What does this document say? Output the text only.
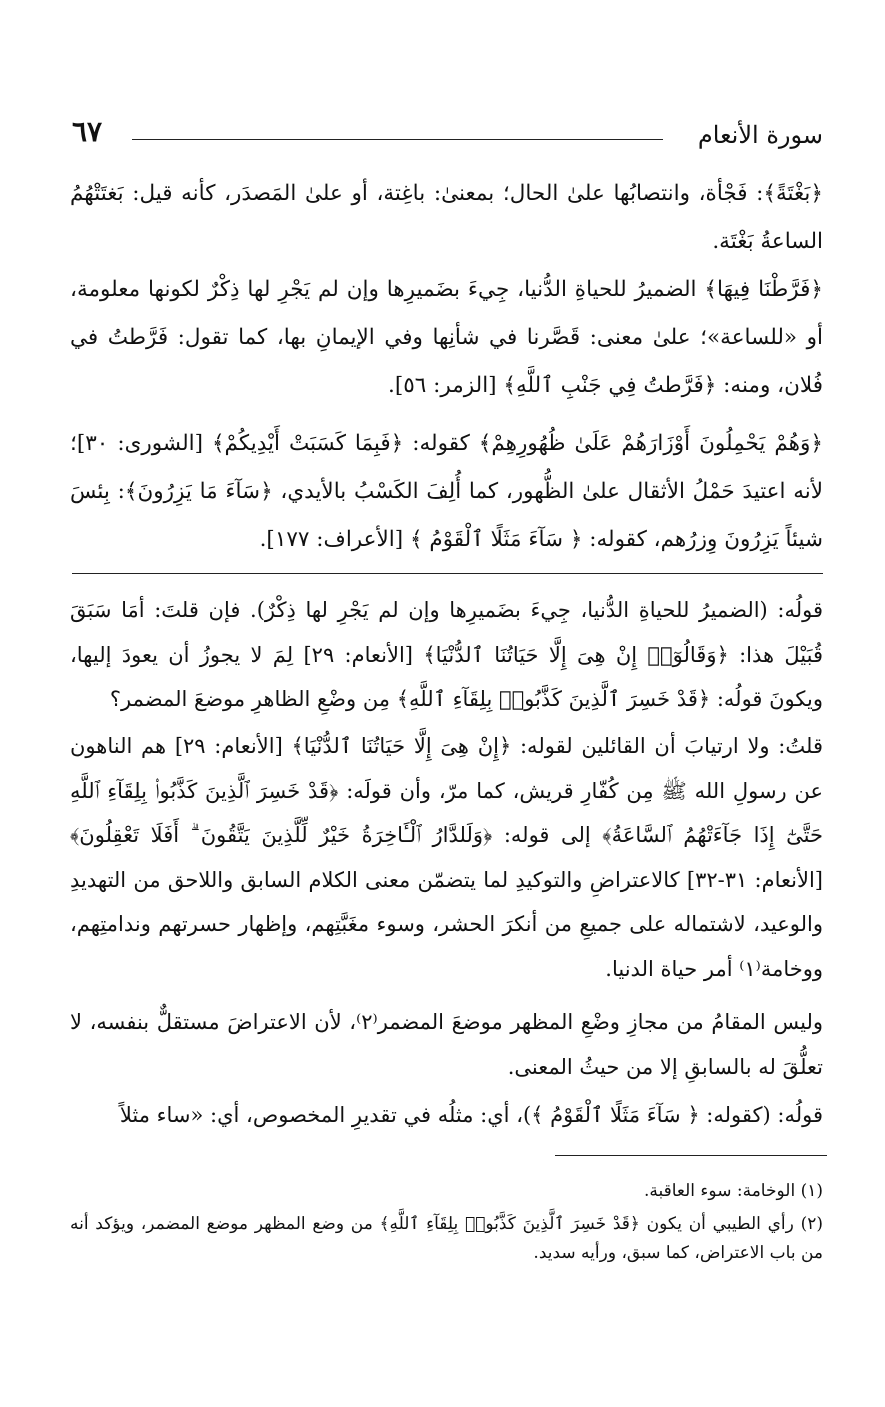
سورة الأنعام
٦٧

﴿بَغْتَةً﴾: فَجْأة، وانتصابُها علىٰ الحال؛ بمعنىٰ: باغِتة، أو علىٰ المَصدَر، كأنه قيل: بَغتَتْهُمُ الساعةُ بَغْتَة.

﴿فَرَّطْنَا فِيهَا﴾ الضميرُ للحياةِ الدُّنيا، جِيءَ بضَميرِها وإن لم يَجْرِ لها ذِكْرٌ لكونها معلومة، أو «للساعة»؛ علىٰ معنى: قَصَّرنا في شأنِها وفي الإيمانِ بها، كما تقول: فَرَّطتُ في فُلان، ومنه: ﴿فَرَّطتُ فِي جَنْبِ ٱللَّهِ﴾ [الزمر: ٥٦].

﴿وَهُمْ يَحْمِلُونَ أَوْزَارَهُمْ عَلَىٰ ظُهُورِهِمْ﴾ كقوله: ﴿فَبِمَا كَسَبَتْ أَيْدِيكُمْ﴾ [الشورى: ٣٠]؛ لأنه اعتيدَ حَمْلُ الأثقال علىٰ الظُّهور، كما أُلِفَ الكَسْبُ بالأيدي، ﴿سَآءَ مَا يَزِرُونَ﴾: بِئسَ شيئاً يَزِرُونَ وِزرُهم، كقوله: ﴿ سَآءَ مَثَلًا ٱلْقَوْمُ ﴾ [الأعراف: ١٧٧].

قولُه: (الضميرُ للحياةِ الدُّنيا، جِيءَ بضَميرِها وإن لم يَجْرِ لها ذِكْرٌ). فإن قلتَ: أمَا سَبَقَ قُبَيْلَ هذا: ﴿وَقَالُوٓا۟ إِنْ هِىَ إِلَّا حَيَاتُنَا ٱلدُّنْيَا﴾ [الأنعام: ٢٩] لِمَ لا يجوزُ أن يعودَ إليها، ويكونَ قولُه: ﴿قَدْ خَسِرَ ٱلَّذِينَ كَذَّبُوا۟ بِلِقَآءِ ٱللَّهِ﴾ مِن وضْعِ الظاهرِ موضعَ المضمر؟

قلتُ: ولا ارتيابَ أن القائلين لقوله: ﴿إِنْ هِىَ إِلَّا حَيَاتُنَا ٱلدُّنْيَا﴾ [الأنعام: ٢٩] هم الناهون عن رسولِ الله ﷺ مِن كُفّارِ قريش، كما مرّ، وأن قولَه: ﴿قَدْ خَسِرَ ٱلَّذِينَ كَذَّبُوا۟ بِلِقَآءِ ٱللَّهِ حَتَّىٰٓ إِذَا جَآءَتْهُمُ ٱلسَّاعَةُ﴾ إلى قوله: ﴿وَلَلدَّارُ ٱلْـَٔاخِرَةُ خَيْرٌ لِّلَّذِينَ يَتَّقُونَ ۗ أَفَلَا تَعْقِلُونَ﴾ [الأنعام: ٣١-٣٢] كالاعتراضِ والتوكيدِ لما يتضمّن معنى الكلام السابق واللاحق من التهديدِ والوعيد، لاشتماله على جميعِ من أنكرَ الحشر، وسوء مغَبَّتِهم، وإظهار حسرتهم وندامتِهم، ووخامة⁽١⁾ أمر حياة الدنيا.

وليس المقامُ من مجازِ وضْعِ المظهر موضعَ المضمر⁽٢⁾، لأن الاعتراضَ مستقلٌّ بنفسه، لا تعلُّقَ له بالسابقِ إلا من حيثُ المعنى.

قولُه: (كقوله: ﴿ سَآءَ مَثَلًا ٱلْقَوْمُ ﴾)، أي: مثلُه في تقديرِ المخصوص، أي: «ساء مثلاً

(١) الوخامة: سوء العاقبة.

(٢) رأي الطيبي أن يكون ﴿قَدْ خَسِرَ ٱلَّذِينَ كَذَّبُوا۟ بِلِقَآءِ ٱللَّهِ﴾ من وضع المظهر موضع المضمر، ويؤكد أنه من باب الاعتراض، كما سبق، ورأيه سديد.
